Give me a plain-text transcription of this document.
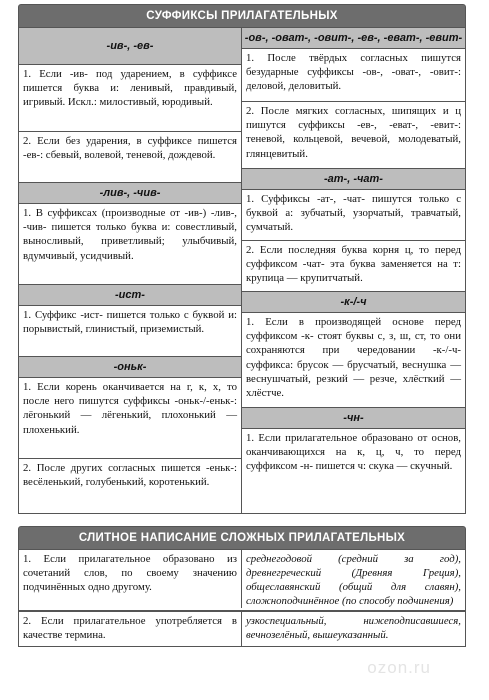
СУФФИКСЫ ПРИЛАГАТЕЛЬНЫХ
-ив-, -ев-
1. Если -ив- под ударением, в суффиксе пишется буква и: ленивый, правдивый, игривый. Искл.: милостивый, юродивый.
2. Если без ударения, в суффиксе пишется -ев-: сбевый, волевой, теневой, дождевой.
-лив-, -чив-
1. В суффиксах (производные от -ив-) -лив-, -чив- пишется только буква и: совестливый, выносливый, приветливый; улыбчивый, вдумчивый, усидчивый.
-ист-
1. Суффикс -ист- пишется только с буквой и: порывистый, глинистый, приземистый.
-оньк-
1. Если корень оканчивается на г, к, х, то после него пишутся суффиксы -оньк-/-еньк-: лёгонький — лёгенький, плохонький — плохенький.
2. После других согласных пишется -еньк-: весёленький, голубенький, коротенький.
-ов-, -оват-, -овит-, -ев-, -еват-, -евит-
1. После твёрдых согласных пишутся безударные суффиксы -ов-, -оват-, -овит-: деловой, деловитый.
2. После мягких согласных, шипящих и ц пишутся суффиксы -ев-, -еват-, -евит-: теневой, кольцевой, вечевой, молодеватый, глянцевитый.
-ат-, -чат-
1. Суффиксы -ат-, -чат- пишутся только с буквой а: зубчатый, узорчатый, травчатый, сумчатый.
2. Если последняя буква корня ц, то перед суффиксом -чат- эта буква заменяется на т: крупица — крупитчатый.
-к-/-ч
1. Если в производящей основе перед суффиксом -к- стоят буквы с, з, ш, ст, то они сохраняются при чередовании -к-/-ч- суффикса: брусок — брусчатый, веснушка — веснушчатый, резкий — резче, хлёсткий — хлёстче.
-чн-
1. Если прилагательное образовано от основ, оканчивающихся на к, ц, ч, то перед суффиксом -н- пишется ч: скука — скучный.
СЛИТНОЕ НАПИСАНИЕ СЛОЖНЫХ ПРИЛАГАТЕЛЬНЫХ
1. Если прилагательное образовано из сочетаний слов, по своему значению подчинённых одно другому.
среднегодовой (средний за год), древнегреческий (Древняя Греция), общеславянский (общий для славян), сложноподчинённое (по способу подчинения)
2. Если прилагательное употребляется в качестве термина.
узкоспециальный, нижеподписавшиеся, вечнозелёный, вышеуказанный.
ozon.ru
